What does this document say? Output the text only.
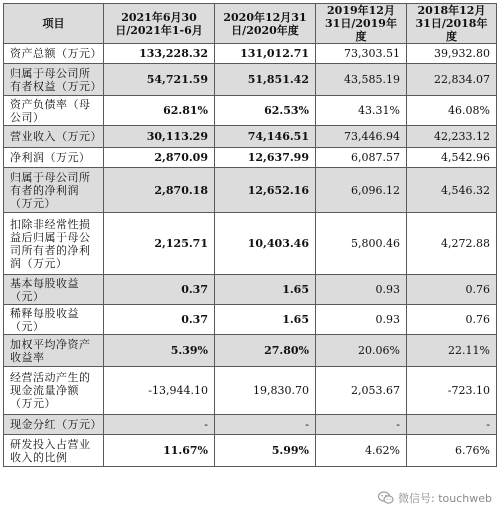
项目	2021年6月30日/2021年1-6月	2020年12月31日/2020年度	2019年12月31日/2019年度	2018年12月31日/2018年度
资产总额（万元）	133,228.32	131,012.71	73,303.51	39,932.80
归属于母公司所有者权益（万元）	54,721.59	51,851.42	43,585.19	22,834.07
资产负债率（母公司）	62.81%	62.53%	43.31%	46.08%
营业收入（万元）	30,113.29	74,146.51	73,446.94	42,233.12
净利润（万元）	2,870.09	12,637.99	6,087.57	4,542.96
归属于母公司所有者的净利润（万元）	2,870.18	12,652.16	6,096.12	4,546.32
扣除非经常性损益后归属于母公司所有者的净利润（万元）	2,125.71	10,403.46	5,800.46	4,272.88
基本每股收益（元）	0.37	1.65	0.93	0.76
稀释每股收益（元）	0.37	1.65	0.93	0.76
加权平均净资产收益率	5.39%	27.80%	20.06%	22.11%
经营活动产生的现金流量净额（万元）	-13,944.10	19,830.70	2,053.67	-723.10
现金分红（万元）	-	-	-	-
研发投入占营业收入的比例	11.67%	5.99%	4.62%	6.76%
微信号: touchweb
